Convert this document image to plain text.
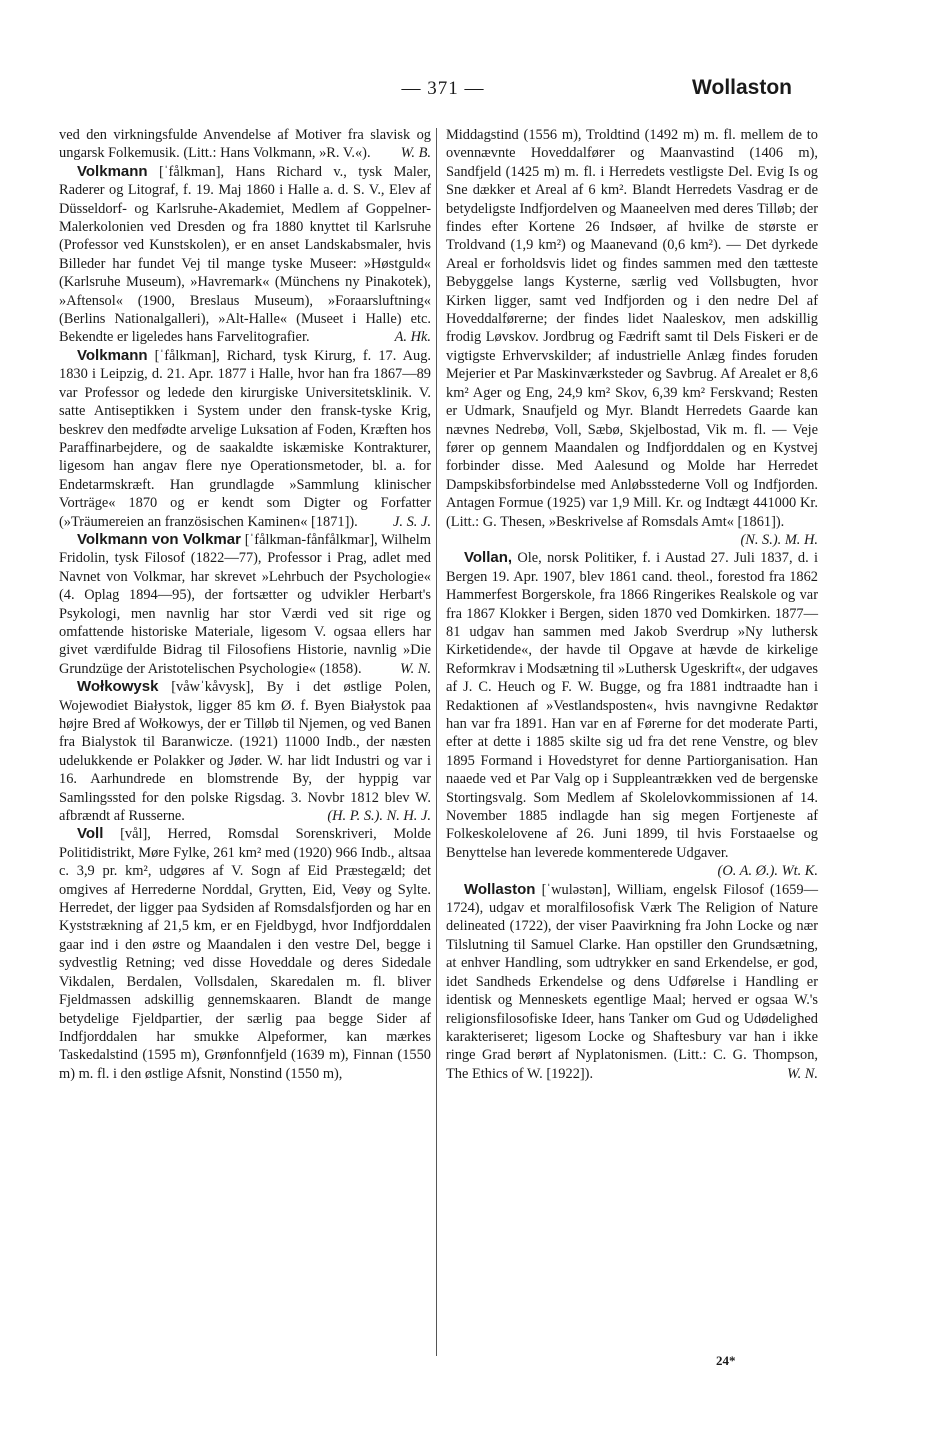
— 371 —	Wollaston

ved den virkningsfulde Anvendelse af Motiver fra slavisk og ungarsk Folkemusik. (Litt.: Hans Volkmann, »R. V.«). W. B.

Volkmann [ˈfålkman], Hans Richard v., tysk Maler, Raderer og Litograf, f. 19. Maj 1860 i Halle a. d. S. V., Elev af Düsseldorf- og Karlsruhe-Akademiet, Medlem af Goppelner-Malerkolonien ved Dresden og fra 1880 knyttet til Karlsruhe (Professor ved Kunstskolen), er en anset Landskabsmaler, hvis Billeder har fundet Vej til mange tyske Museer: »Høstguld« (Karlsruhe Museum), »Havremark« (Münchens ny Pinakotek), »Aftensol« (1900, Breslaus Museum), »Foraarsluftning« (Berlins Nationalgalleri), »Alt-Halle« (Museet i Halle) etc. Bekendte er ligeledes hans Farvelitografier.	A. Hk.

Volkmann [ˈfålkman], Richard, tysk Kirurg, f. 17. Aug. 1830 i Leipzig, d. 21. Apr. 1877 i Halle, hvor han fra 1867—89 var Professor og ledede den kirurgiske Universitetsklinik. V. satte Antiseptikken i System under den fransk-tyske Krig, beskrev den medfødte arvelige Luksation af Foden, Kræften hos Paraffinarbejdere, og de saakaldte iskæmiske Kontrakturer, ligesom han angav flere nye Operationsmetoder, bl. a. for Endetarmskræft. Han grundlagde »Sammlung klinischer Vorträge« 1870 og er kendt som Digter og Forfatter (»Träumereien an französischen Kaminen« [1871]). J. S. J.

Volkmann von Volkmar [ˈfålkman-fånfålkmar], Wilhelm Fridolin, tysk Filosof (1822—77), Professor i Prag, adlet med Navnet von Volkmar, har skrevet »Lehrbuch der Psychologie« (4. Oplag 1894—95), der fortsætter og udvikler Herbart's Psykologi, men navnlig har stor Værdi ved sit rige og omfattende historiske Materiale, ligesom V. ogsaa ellers har givet værdifulde Bidrag til Filosofiens Historie, navnlig »Die Grundzüge der Aristotelischen Psychologie« (1858).	W. N.

Wołkowysk [våwˈkåvysk], By i det østlige Polen, Wojewodiet Białystok, ligger 85 km Ø. f. Byen Białystok paa højre Bred af Wołkowys, der er Tilløb til Njemen, og ved Banen fra Bialystok til Baranwicze. (1921) 11000 Indb., der næsten udelukkende er Polakker og Jøder. W. har lidt Industri og var i 16. Aarhundrede en blomstrende By, der hyppig var Samlingssted for den polske Rigsdag. 3. Novbr 1812 blev W. afbrændt af Russerne.	(H. P. S.). N. H. J.

Voll [vål], Herred, Romsdal Sorenskriveri, Molde Politidistrikt, Møre Fylke, 261 km² med (1920) 966 Indb., altsaa c. 3,9 pr. km², udgøres af V. Sogn af Eid Præstegæld; det omgives af Herrederne Norddal, Grytten, Eid, Veøy og Sylte. Herredet, der ligger paa Sydsiden af Romsdalsfjorden og har en Kyststrækning af 21,5 km, er en Fjeldbygd, hvor Indfjorddalen gaar ind i den østre og Maandalen i den vestre Del, begge i sydvestlig Retning; ved disse Hoveddale og deres Sidedale Vikdalen, Berdalen, Vollsdalen, Skaredalen m. fl. bliver Fjeldmassen adskillig gennemskaaren. Blandt de mange betydelige Fjeldpartier, der særlig paa begge Sider af Indfjorddalen har smukke Alpeformer, kan mærkes Taskedalstind (1595 m), Grønfonnfjeld (1639 m), Finnan (1550 m) m. fl. i den østlige Afsnit, Nonstind (1550 m),

Middagstind (1556 m), Troldtind (1492 m) m. fl. mellem de to ovennævnte Hoveddalfører og Maanvastind (1406 m), Sandfjeld (1425 m) m. fl. i Herredets vestligste Del. Evig Is og Sne dækker et Areal af 6 km². Blandt Herredets Vasdrag er de betydeligste Indfjordelven og Maaneelven med deres Tilløb; der findes efter Kortene 26 Indsøer, af hvilke de største er Troldvand (1,9 km²) og Maanevand (0,6 km²). — Det dyrkede Areal er forholdsvis lidet og findes sammen med den tætteste Bebyggelse langs Kysterne, særlig ved Vollsbugten, hvor Kirken ligger, samt ved Indfjorden og i den nedre Del af Hoveddalførerne; der findes lidet Naaleskov, men adskillig frodig Løvskov. Jordbrug og Fædrift samt til Dels Fiskeri er de vigtigste Erhvervskilder; af industrielle Anlæg findes foruden Mejerier et Par Maskinværksteder og Savbrug. Af Arealet er 8,6 km² Ager og Eng, 24,9 km² Skov, 6,39 km² Ferskvand; Resten er Udmark, Snaufjeld og Myr. Blandt Herredets Gaarde kan nævnes Nedrebø, Voll, Sæbø, Skjelbostad, Vik m. fl. — Veje fører op gennem Maandalen og Indfjorddalen og en Kystvej forbinder disse. Med Aalesund og Molde har Herredet Dampskibsforbindelse med Anløbsstederne Voll og Indfjorden. Antagen Formue (1925) var 1,9 Mill. Kr. og Indtægt 441000 Kr. (Litt.: G. Thesen, »Beskrivelse af Romsdals Amt« [1861]).
(N. S.). M. H.

Vollan, Ole, norsk Politiker, f. i Austad 27. Juli 1837, d. i Bergen 19. Apr. 1907, blev 1861 cand. theol., forestod fra 1862 Hammerfest Borgerskole, fra 1866 Ringerikes Realskole og var fra 1867 Klokker i Bergen, siden 1870 ved Domkirken. 1877—81 udgav han sammen med Jakob Sverdrup »Ny luthersk Kirketidende«, der havde til Opgave at hævde de kirkelige Reformkrav i Modsætning til »Luthersk Ugeskrift«, der udgaves af J. C. Heuch og F. W. Bugge, og fra 1881 indtraadte han i Redaktionen af »Vestlandsposten«, hvis navngivne Redaktør han var fra 1891. Han var en af Førerne for det moderate Parti, efter at dette i 1885 skilte sig ud fra det rene Venstre, og blev 1895 Formand i Hovedstyret for denne Partiorganisation. Han naaede ved et Par Valg op i Suppleantrækken ved de bergenske Stortingsvalg. Som Medlem af Skolelovkommissionen af 14. November 1885 indlagde han sig megen Fortjeneste af Folkeskolelovene af 26. Juni 1899, til hvis Forstaaelse og Benyttelse han leverede kommenterede Udgaver.
(O. A. Ø.). Wt. K.

Wollaston [ˈwuləstən], William, engelsk Filosof (1659—1724), udgav et moralfilosofisk Værk The Religion of Nature delineated (1722), der viser Paavirkning fra John Locke og nær Tilslutning til Samuel Clarke. Han opstiller den Grundsætning, at enhver Handling, som udtrykker en sand Erkendelse, er god, idet Sandheds Erkendelse og dens Udførelse i Handling er identisk og Menneskets egentlige Maal; herved er ogsaa W.'s religionsfilosofiske Ideer, hans Tanker om Gud og Udødelighed karakteriseret; ligesom Locke og Shaftesbury var han i ikke ringe Grad berørt af Nyplatonismen. (Litt.: C. G. Thompson, The Ethics of W. [1922]).	W. N.

24*
